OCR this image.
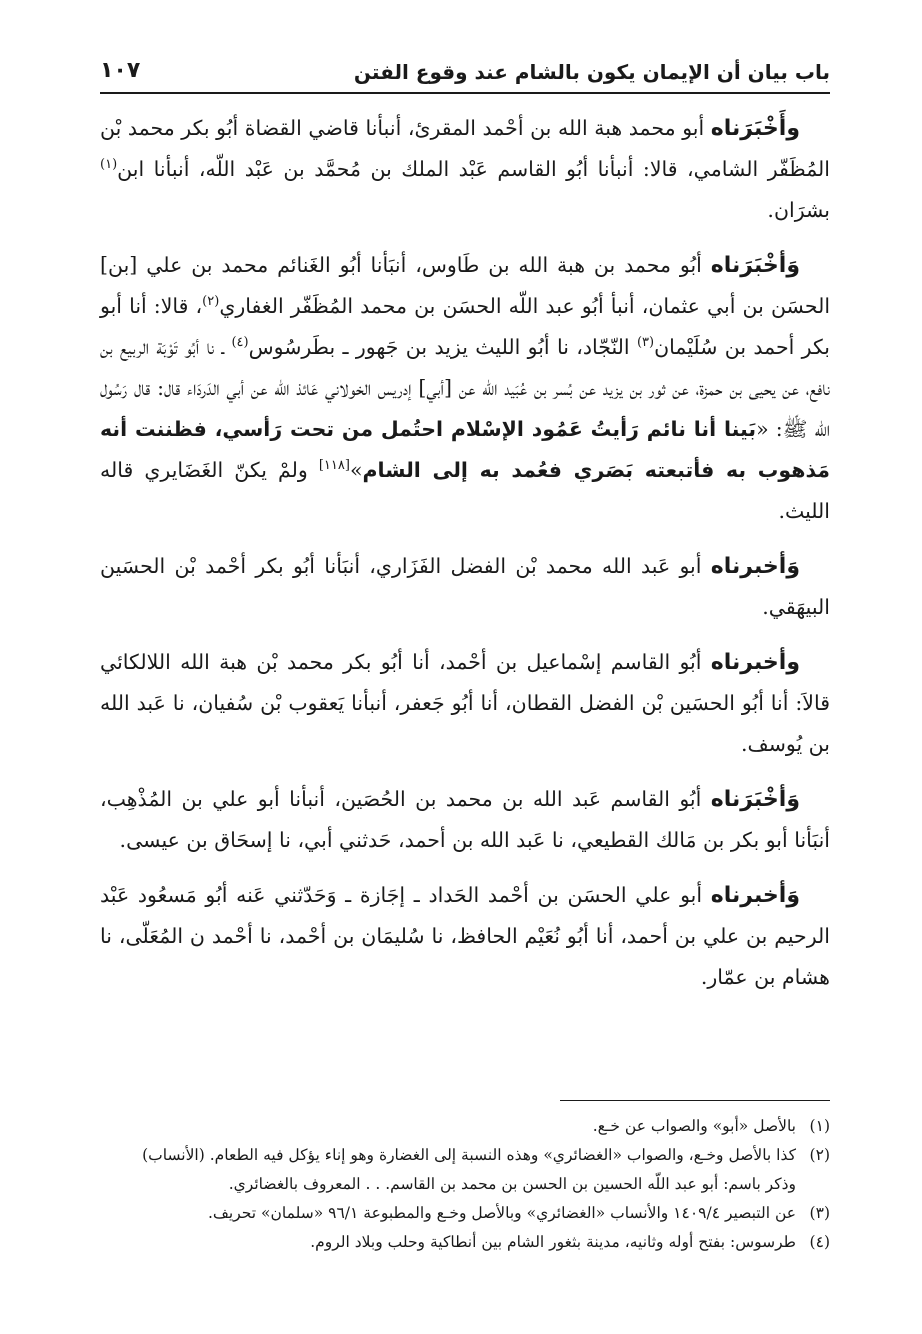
باب بيان أن الإيمان يكون بالشام عند وقوع الفتن
١٠٧

وأَخْبَرَناه أبو محمد هبة الله بن أحْمد المقرئ، أنبأنا قاضي القضاة أبُو بكر محمد بْن المُظَفّر الشامي، قالا: أنبأنا أبُو القاسم عَبْد الملك بن مُحمَّد بن عَبْد اللّه، أنبأنا ابن$^{(١)}$ بشرَان.

وَأخْبَرَناه أبُو محمد بن هبة الله بن طَاوس، أنبَأنا أبُو الغَنائم محمد بن علي [بن] الحسَن بن أبي عثمان، أنبأ أبُو عبد اللّه الحسَن بن محمد المُظَفّر الغفاري$^{(٢)}$، قالا: أنا أبو بكر أحمد بن سُلَيْمان$^{(٣)}$ النّجّاد، نا أبُو الليث يزيد بن جَهور ـ بطَرسُوس$^{(٤)}$ ـ نا أبُو تَوْبَة الربيع بن نافع، عن يحيى بن حمزة، عن ثور بن يزيد عن بُسر بن عُبَيد الله عن [أبي] إدريس الخولاني عَائذ الله عن أبي الدَردَاء قال: قال رَسُول الله ﷺ: «بَينا أنا نائم رَأيتُ عَمُود الإسْلام احتُمل من تحت رَأسي، فظننت أنه مَذهوب به فأتبعته بَصَري فعُمد به إلى الشام»[١١٨] ولمْ يكنّ الغَضَايري قاله الليث.

وَأخبرناه أبو عَبد الله محمد بْن الفضل الفَزَاري، أنبَأنا أبُو بكر أحْمد بْن الحسَين البيهَقي.

وأخبرناه أبُو القاسم إسْماعيل بن أحْمد، أنا أبُو بكر محمد بْن هبة الله اللالكائي قالاَ: أنا أبُو الحسَين بْن الفضل القطان، أنا أبُو جَعفر، أنبأنا يَعقوب بْن سُفيان، نا عَبد الله بن يُوسف.

وَأخْبَرَناه أبُو القاسم عَبد الله بن محمد بن الحُصَين، أنبأنا أبو علي بن المُذْهِب، أنبَأنا أبو بكر بن مَالك القطيعي، نا عَبد الله بن أحمد، حَدثني أبي، نا إسحَاق بن عيسى.

وَأخبرناه أبو علي الحسَن بن أحْمد الحَداد ـ إجَازة ـ وَحَدّثني عَنه أبُو مَسعُود عَبْد الرحيم بن علي بن أحمد، أنا أبُو نُعَيْم الحافظ، نا سُليمَان بن أحْمد، نا أحْمد ن المُعَلّى، نا هشام بن عمّار.

(١)
بالأصل «أبو» والصواب عن خـع.
(٢)
كذا بالأصل وخـع، والصواب «الغضائري» وهذه النسبة إلى الغضارة وهو إناء يؤكل فيه الطعام. (الأنساب)
وذكر باسم: أبو عبد اللّه الحسين بن الحسن بن محمد بن القاسم. . . المعروف بالغضائري.
(٣)
عن التبصير ١٤٠٩/٤ والأنساب «الغضائري» وبالأصل وخـع والمطبوعة ٩٦/١ «سلمان» تحريف.
(٤)
طرسوس: بفتح أوله وثانيه، مدينة بثغور الشام بين أنطاكية وحلب وبلاد الروم.
